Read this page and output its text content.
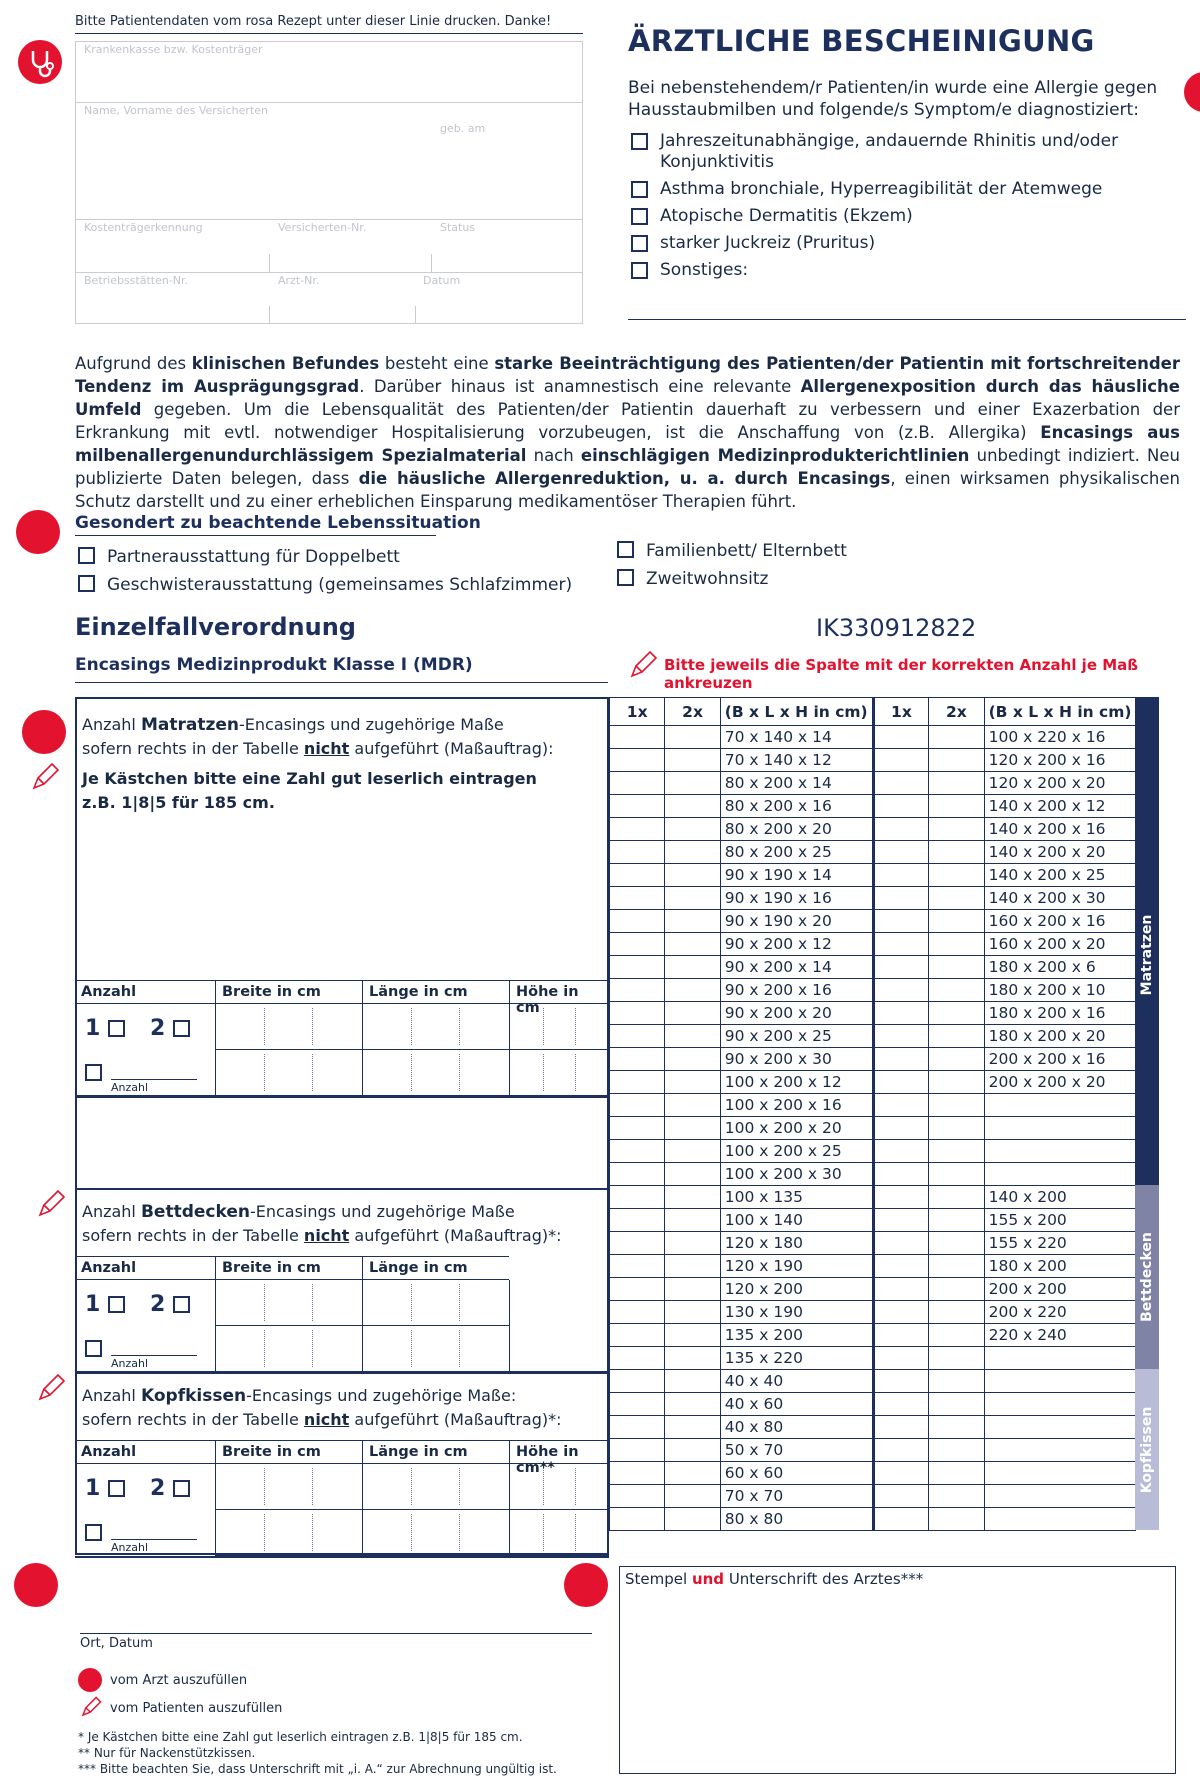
Bitte Patientendaten vom rosa Rezept unter dieser Linie drucken. Danke!
Krankenkasse bzw. Kostenträger
Name, Vorname des Versicherten
geb. am
Kostenträgerkennung	Versicherten-Nr.	Status
Betriebsstätten-Nr.	Arzt-Nr.	Datum
ÄRZTLICHE BESCHEINIGUNG
Bei nebenstehendem/r Patienten/in wurde eine Allergie gegen Hausstaubmilben und folgende/s Symptom/e diagnostiziert:
Jahreszeitunabhängige, andauernde Rhinitis und/oder Konjunktivitis
Asthma bronchiale, Hyperreagibilität der Atemwege
Atopische Dermatitis (Ekzem)
starker Juckreiz (Pruritus)
Sonstiges:
Aufgrund des klinischen Befundes besteht eine starke Beeinträchtigung des Patienten/der Patientin mit fortschreitender Tendenz im Ausprägungsgrad. Darüber hinaus ist anamnestisch eine relevante Allergenexposition durch das häusliche Umfeld gegeben. Um die Lebensqualität des Patienten/der Patientin dauerhaft zu verbessern und einer Exazerbation der Erkrankung mit evtl. notwendiger Hospitalisierung vorzubeugen, ist die Anschaffung von (z.B. Allergika) Encasings aus milbenallergenundurchlässigem Spezialmaterial nach einschlägigen Medizinprodukterichtlinien unbedingt indiziert. Neu publizierte Daten belegen, dass die häusliche Allergenreduktion, u. a. durch Encasings, einen wirksamen physikalischen Schutz darstellt und zu einer erheblichen Einsparung medikamentöser Therapien führt.
Gesondert zu beachtende Lebenssituation
Partnerausstattung für Doppelbett
Geschwisterausstattung (gemeinsames Schlafzimmer)
Familienbett/ Elternbett
Zweitwohnsitz
Einzelfallverordnung	IK330912822
Encasings Medizinprodukt Klasse I (MDR)	Bitte jeweils die Spalte mit der korrekten Anzahl je Maß ankreuzen
Anzahl Matratzen-Encasings und zugehörige Maße
sofern rechts in der Tabelle nicht aufgeführt (Maßauftrag):
Je Kästchen bitte eine Zahl gut leserlich eintragen
z.B. 1|8|5 für 185 cm.
Anzahl	Breite in cm	Länge in cm	Höhe in cm
1	2
Anzahl
Anzahl Bettdecken-Encasings und zugehörige Maße
sofern rechts in der Tabelle nicht aufgeführt (Maßauftrag)*:
Anzahl	Breite in cm	Länge in cm
1	2
Anzahl
Anzahl Kopfkissen-Encasings und zugehörige Maße:
sofern rechts in der Tabelle nicht aufgeführt (Maßauftrag)*:
Anzahl	Breite in cm	Länge in cm	Höhe in cm**
1	2
Anzahl
1x	2x	(B x L x H in cm)	1x	2x	(B x L x H in cm)	
		70 x 140 x 14			100 x 220 x 16	
		70 x 140 x 12			120 x 200 x 16	
		80 x 200 x 14			120 x 200 x 20	
		80 x 200 x 16			140 x 200 x 12	
		80 x 200 x 20			140 x 200 x 16	
		80 x 200 x 25			140 x 200 x 20	
		90 x 190 x 14			140 x 200 x 25	
		90 x 190 x 16			140 x 200 x 30	
		90 x 190 x 20			160 x 200 x 16	
		90 x 200 x 12			160 x 200 x 20	
		90 x 200 x 14			180 x 200 x 6	
		90 x 200 x 16			180 x 200 x 10	
		90 x 200 x 20			180 x 200 x 16	
		90 x 200 x 25			180 x 200 x 20	
		90 x 200 x 30			200 x 200 x 16	
		100 x 200 x 12			200 x 200 x 20	
		100 x 200 x 16				
		100 x 200 x 20				
		100 x 200 x 25				
		100 x 200 x 30				
		100 x 135			140 x 200	
		100 x 140			155 x 200	
		120 x 180			155 x 220	
		120 x 190			180 x 200	
		120 x 200			200 x 200	
		130 x 190			200 x 220	
		135 x 200			220 x 240	
		135 x 220				
		40 x 40				
		40 x 60				
		40 x 80				
		50 x 70				
		60 x 60				
		70 x 70				
		80 x 80				
Matratzen
Bettdecken
Kopfkissen
Ort, Datum
Stempel und Unterschrift des Arztes***
vom Arzt auszufüllen
vom Patienten auszufüllen
* Je Kästchen bitte eine Zahl gut leserlich eintragen z.B. 1|8|5 für 185 cm.
** Nur für Nackenstützkissen.
*** Bitte beachten Sie, dass Unterschrift mit „i. A.“ zur Abrechnung ungültig ist.
